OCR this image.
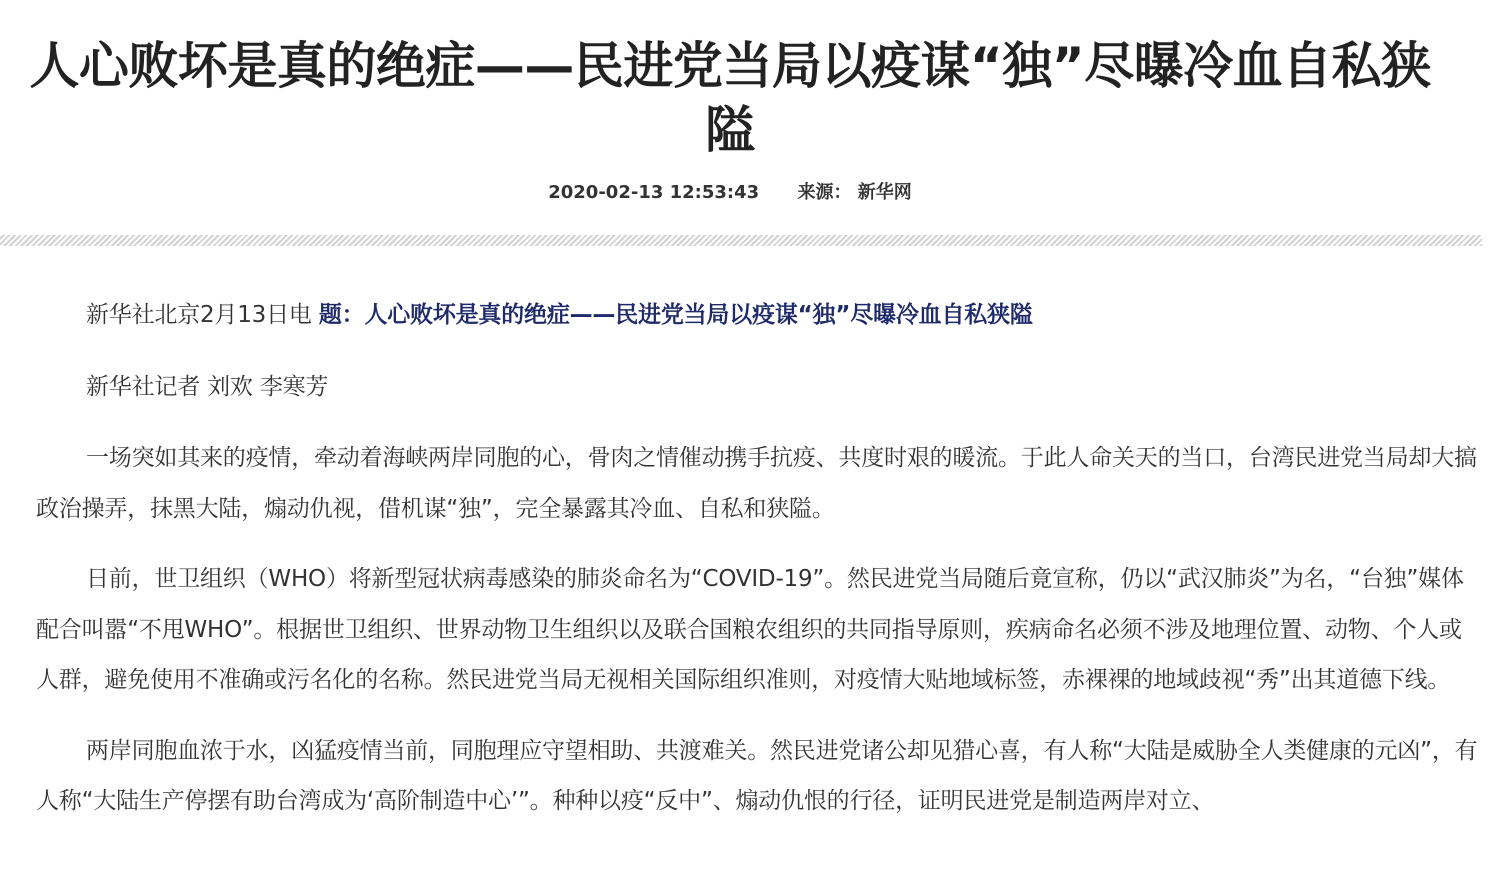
人心败坏是真的绝症——民进党当局以疫谋“独”尽曝冷血自私狭隘
2020-02-13 12:53:43 来源： 新华网

新华社北京2月13日电 题：人心败坏是真的绝症——民进党当局以疫谋“独”尽曝冷血自私狭隘

新华社记者 刘欢 李寒芳

一场突如其来的疫情，牵动着海峡两岸同胞的心，骨肉之情催动携手抗疫、共度时艰的暖流。于此人命关天的当口，台湾民进党当局却大搞政治操弄，抹黑大陆，煽动仇视，借机谋“独”，完全暴露其冷血、自私和狭隘。

日前，世卫组织（WHO）将新型冠状病毒感染的肺炎命名为“COVID-19”。然民进党当局随后竟宣称，仍以“武汉肺炎”为名，“台独”媒体配合叫嚣“不甩WHO”。根据世卫组织、世界动物卫生组织以及联合国粮农组织的共同指导原则，疾病命名必须不涉及地理位置、动物、个人或人群，避免使用不准确或污名化的名称。然民进党当局无视相关国际组织准则，对疫情大贴地域标签，赤裸裸的地域歧视“秀”出其道德下线。

两岸同胞血浓于水，凶猛疫情当前，同胞理应守望相助、共渡难关。然民进党诸公却见猎心喜，有人称“大陆是威胁全人类健康的元凶”，有人称“大陆生产停摆有助台湾成为‘高阶制造中心’”。种种以疫“反中”、煽动仇恨的行径，证明民进党是制造两岸对立、
